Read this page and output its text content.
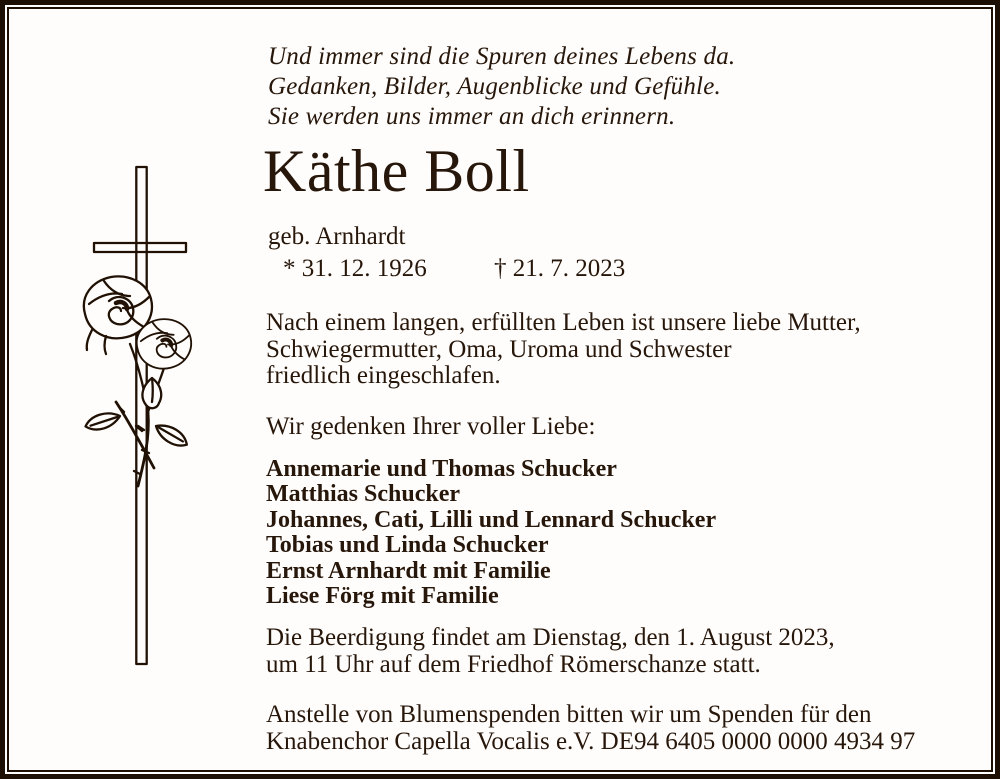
Und immer sind die Spuren deines Lebens da.
Gedanken, Bilder, Augenblicke und Gefühle.
Sie werden uns immer an dich erinnern.
Käthe Boll
geb. Arnhardt
* 31. 12. 1926	† 21. 7. 2023
Nach einem langen, erfüllten Leben ist unsere liebe Mutter,
Schwiegermutter, Oma, Uroma und Schwester
friedlich eingeschlafen.
Wir gedenken Ihrer voller Liebe:
Annemarie und Thomas Schucker
Matthias Schucker
Johannes, Cati, Lilli und Lennard Schucker
Tobias und Linda Schucker
Ernst Arnhardt mit Familie
Liese Förg mit Familie
Die Beerdigung findet am Dienstag, den 1. August 2023,
um 11 Uhr auf dem Friedhof Römerschanze statt.
Anstelle von Blumenspenden bitten wir um Spenden für den
Knabenchor Capella Vocalis e.V. DE94 6405 0000 0000 4934 97
